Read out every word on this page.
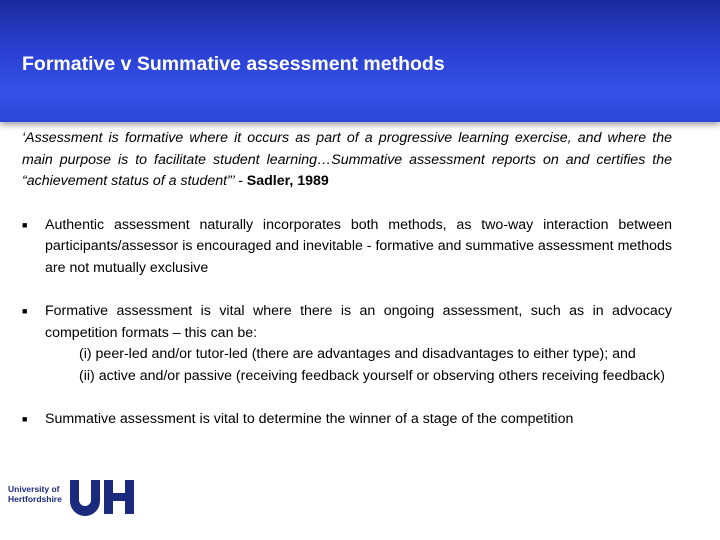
Formative v Summative assessment methods

‘Assessment is formative where it occurs as part of a progressive learning exercise, and where the main purpose is to facilitate student learning…Summative assessment reports on and certifies the “achievement status of a student”’ - Sadler, 1989

■ Authentic assessment naturally incorporates both methods, as two-way interaction between participants/assessor is encouraged and inevitable - formative and summative assessment methods are not mutually exclusive
■ Formative assessment is vital where there is an ongoing assessment, such as in advocacy competition formats – this can be:
(i) peer-led and/or tutor-led (there are advantages and disadvantages to either type); and
(ii) active and/or passive (receiving feedback yourself or observing others receiving feedback)
■ Summative assessment is vital to determine the winner of a stage of the competition
University of
Hertfordshire
